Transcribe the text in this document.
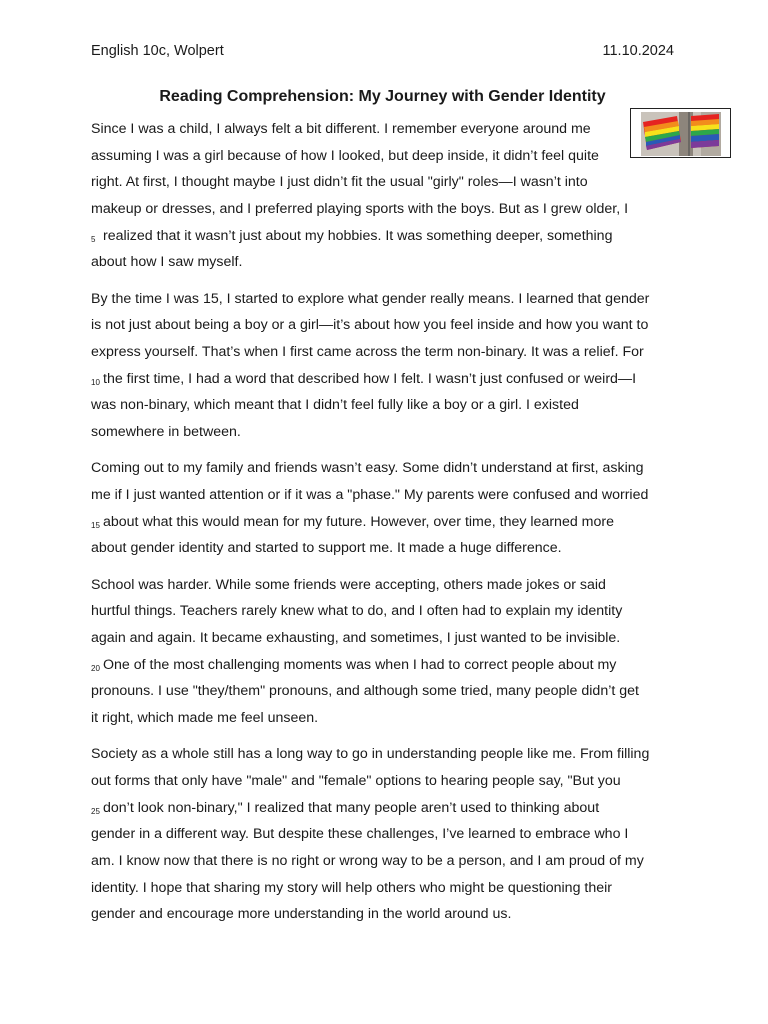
English 10c, Wolpert	11.10.2024
Reading Comprehension: My Journey with Gender Identity
Since I was a child, I always felt a bit different. I remember everyone around me
assuming I was a girl because of how I looked, but deep inside, it didn’t feel quite
right. At first, I thought maybe I just didn’t fit the usual "girly" roles—I wasn’t into
makeup or dresses, and I preferred playing sports with the boys. But as I grew older, I
5 realized that it wasn’t just about my hobbies. It was something deeper, something
about how I saw myself.
By the time I was 15, I started to explore what gender really means. I learned that gender
is not just about being a boy or a girl—it’s about how you feel inside and how you want to
express yourself. That’s when I first came across the term non-binary. It was a relief. For
10 the first time, I had a word that described how I felt. I wasn’t just confused or weird—I
was non-binary, which meant that I didn’t feel fully like a boy or a girl. I existed
somewhere in between.
Coming out to my family and friends wasn’t easy. Some didn’t understand at first, asking
me if I just wanted attention or if it was a "phase." My parents were confused and worried
15 about what this would mean for my future. However, over time, they learned more
about gender identity and started to support me. It made a huge difference.
School was harder. While some friends were accepting, others made jokes or said
hurtful things. Teachers rarely knew what to do, and I often had to explain my identity
again and again. It became exhausting, and sometimes, I just wanted to be invisible.
20 One of the most challenging moments was when I had to correct people about my
pronouns. I use "they/them" pronouns, and although some tried, many people didn’t get
it right, which made me feel unseen.
Society as a whole still has a long way to go in understanding people like me. From filling
out forms that only have "male" and "female" options to hearing people say, "But you
25 don’t look non-binary," I realized that many people aren’t used to thinking about
gender in a different way. But despite these challenges, I’ve learned to embrace who I
am. I know now that there is no right or wrong way to be a person, and I am proud of my
identity. I hope that sharing my story will help others who might be questioning their
gender and encourage more understanding in the world around us.
